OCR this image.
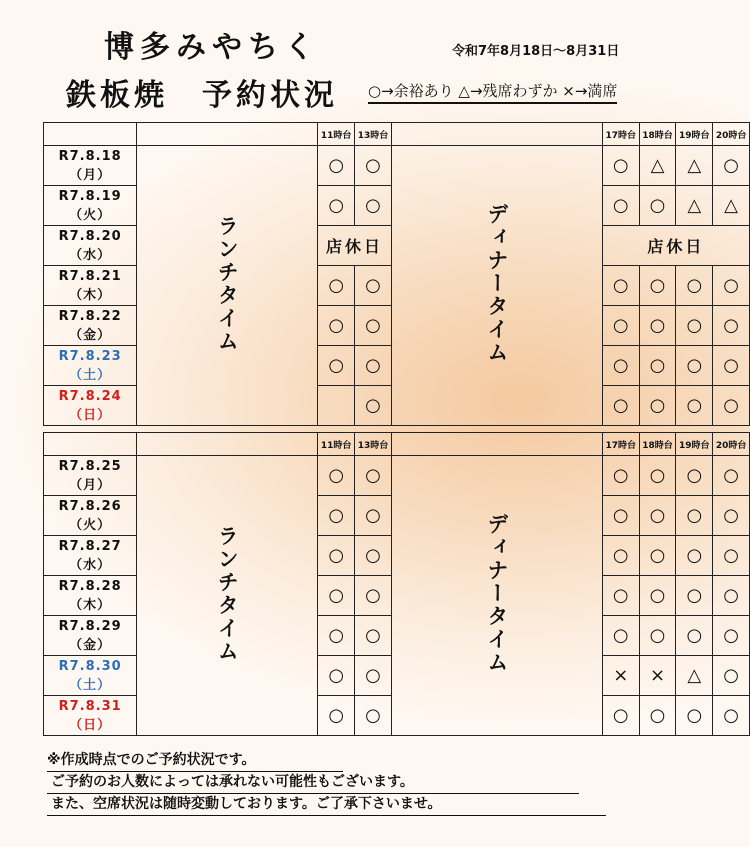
博多みやちく
鉄板焼　予約状況
令和7年8月18日～8月31日
○→余裕あり △→残席わずか ×→満席
		11時台	13時台		17時台	18時台	19時台	20時台
R7.8.18（月）	ランチタイム	○	○	ディナータイム	○	△	△	○
R7.8.19（火）		○	○		○	○	△	△
R7.8.20（水）		店休日			店休日			
R7.8.21（木）		○	○		○	○	○	○
R7.8.22（金）		○	○		○	○	○	○
R7.8.23（土）		○	○		○	○	○	○
R7.8.24（日）			○		○	○	○	○
		11時台	13時台		17時台	18時台	19時台	20時台
R7.8.25（月）	ランチタイム	○	○	ディナータイム	○	○	○	○
R7.8.26（火）		○	○		○	○	○	○
R7.8.27（水）		○	○		○	○	○	○
R7.8.28（木）		○	○		○	○	○	○
R7.8.29（金）		○	○		○	○	○	○
R7.8.30（土）		○	○		×	×	△	○
R7.8.31（日）		○	○		○	○	○	○
※作成時点でのご予約状況です。
ご予約のお人数によっては承れない可能性もございます。
また、空席状況は随時変動しております。ご了承下さいませ。
